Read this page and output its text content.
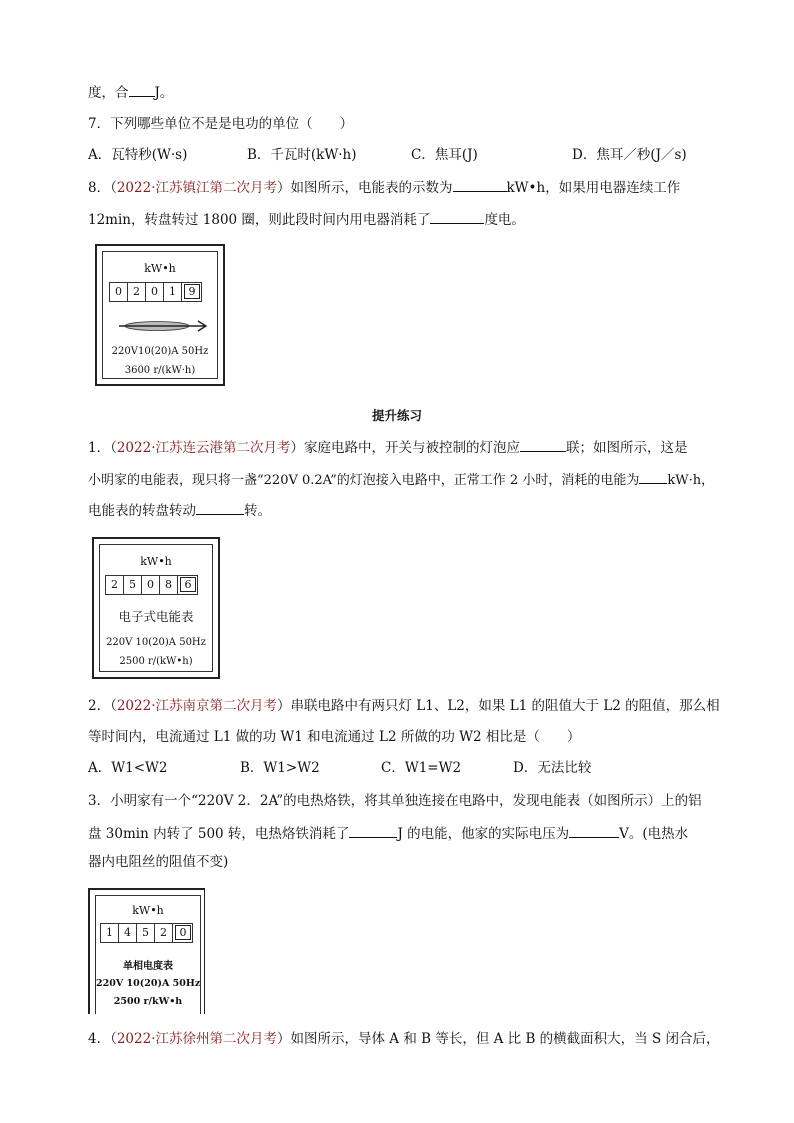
度，合 J。
7．下列哪些单位不是是电功的单位（　　）
A．瓦特秒(W·s)	B．千瓦时(kW·h)	C．焦耳(J)	D．焦耳／秒(J／s)
8．（2022·江苏镇江第二次月考）如图所示，电能表的示数为	kW•h，如果用电器连续工作
12min，转盘转过 1800 圈，则此段时间内用电器消耗了	度电。
kW•h
0	2	0	1	9
220V10(20)A 50Hz
3600 r/(kW·h)
提升练习
1．（2022·江苏连云港第二次月考）家庭电路中，开关与被控制的灯泡应	联；如图所示，这是
小明家的电能表，现只将一盏“220V 0.2A”的灯泡接入电路中，正常工作 2 小时，消耗的电能为 kW·h，
电能表的转盘转动	转。
kW•h
2	5	0	8	6
电子式电能表
220V 10(20)A 50Hz
2500 r/(kW•h)
2．（2022·江苏南京第二次月考）串联电路中有两只灯 L1、L2，如果 L1 的阻值大于 L2 的阻值，那么相
等时间内，电流通过 L1 做的功 W1 和电流通过 L2 所做的功 W2 相比是（　　）
A．W1<W2	B．W1>W2	C．W1=W2	D．无法比较
3．小明家有一个“220V 2．2A”的电热烙铁，将其单独连接在电路中，发现电能表（如图所示）上的铝
盘 30min 内转了 500 转，电热烙铁消耗了	J 的电能，他家的实际电压为	V。(电热水
器内电阻丝的阻值不变)
kW•h
1	4	5	2	0
单相电度表
220V 10(20)A 50Hz
2500 r/kW•h
4．（2022·江苏徐州第二次月考）如图所示，导体 A 和 B 等长，但 A 比 B 的横截面积大，当 S 闭合后，
